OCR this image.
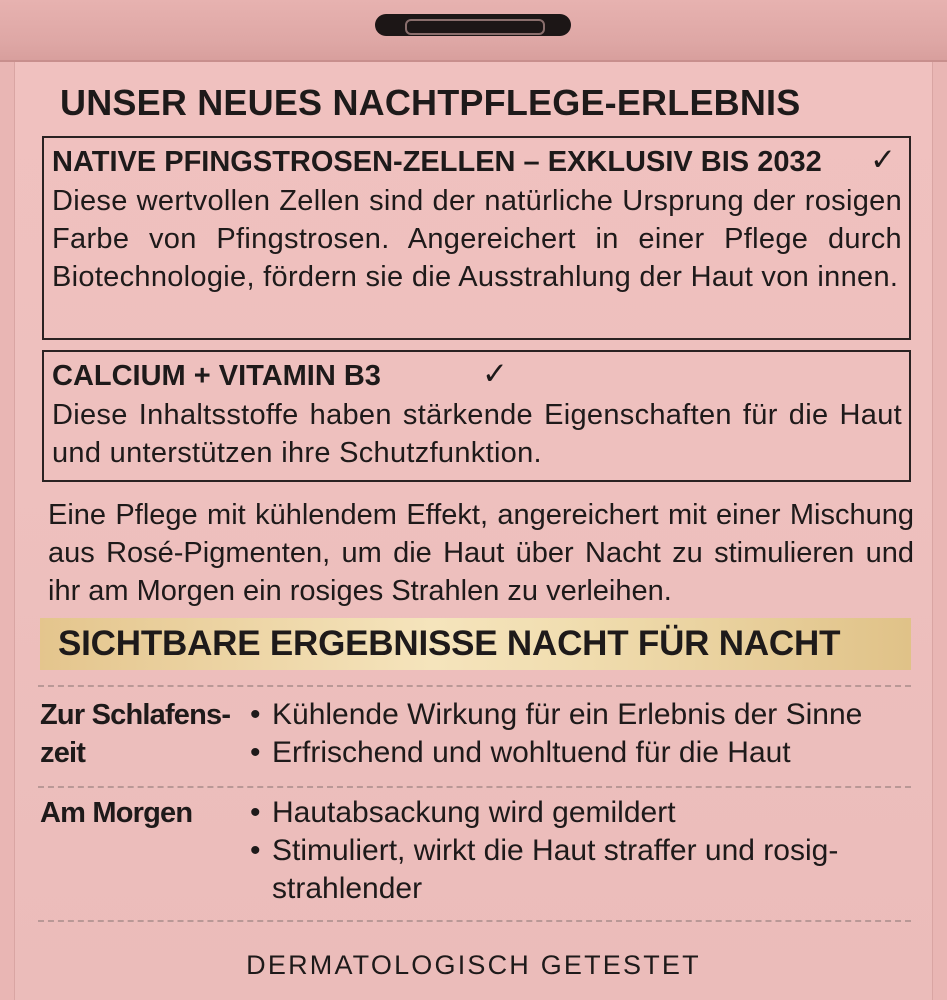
UNSER NEUES NACHTPFLEGE-ERLEBNIS
NATIVE PFINGSTROSEN-ZELLEN – EXKLUSIV BIS 2032 ✓
Diese wertvollen Zellen sind der natürliche Ursprung der rosigen Farbe von Pfingstrosen. Angereichert in einer Pflege durch Biotechnologie, fördern sie die Ausstrahlung der Haut von innen.
CALCIUM + VITAMIN B3	✓
Diese Inhaltsstoffe haben stärkende Eigenschaften für die Haut und unterstützen ihre Schutzfunktion.
Eine Pflege mit kühlendem Effekt, angereichert mit einer Mischung aus Rosé-Pigmenten, um die Haut über Nacht zu stimulieren und ihr am Morgen ein rosiges Strahlen zu verleihen.
SICHTBARE ERGEBNISSE NACHT FÜR NACHT
Zur Schlafens-zeit
• Kühlende Wirkung für ein Erlebnis der Sinne
• Erfrischend und wohltuend für die Haut
Am Morgen
•	Hautabsackung wird gemildert
• Stimuliert, wirkt die Haut straffer und rosig-strahlender
DERMATOLOGISCH GETESTET
